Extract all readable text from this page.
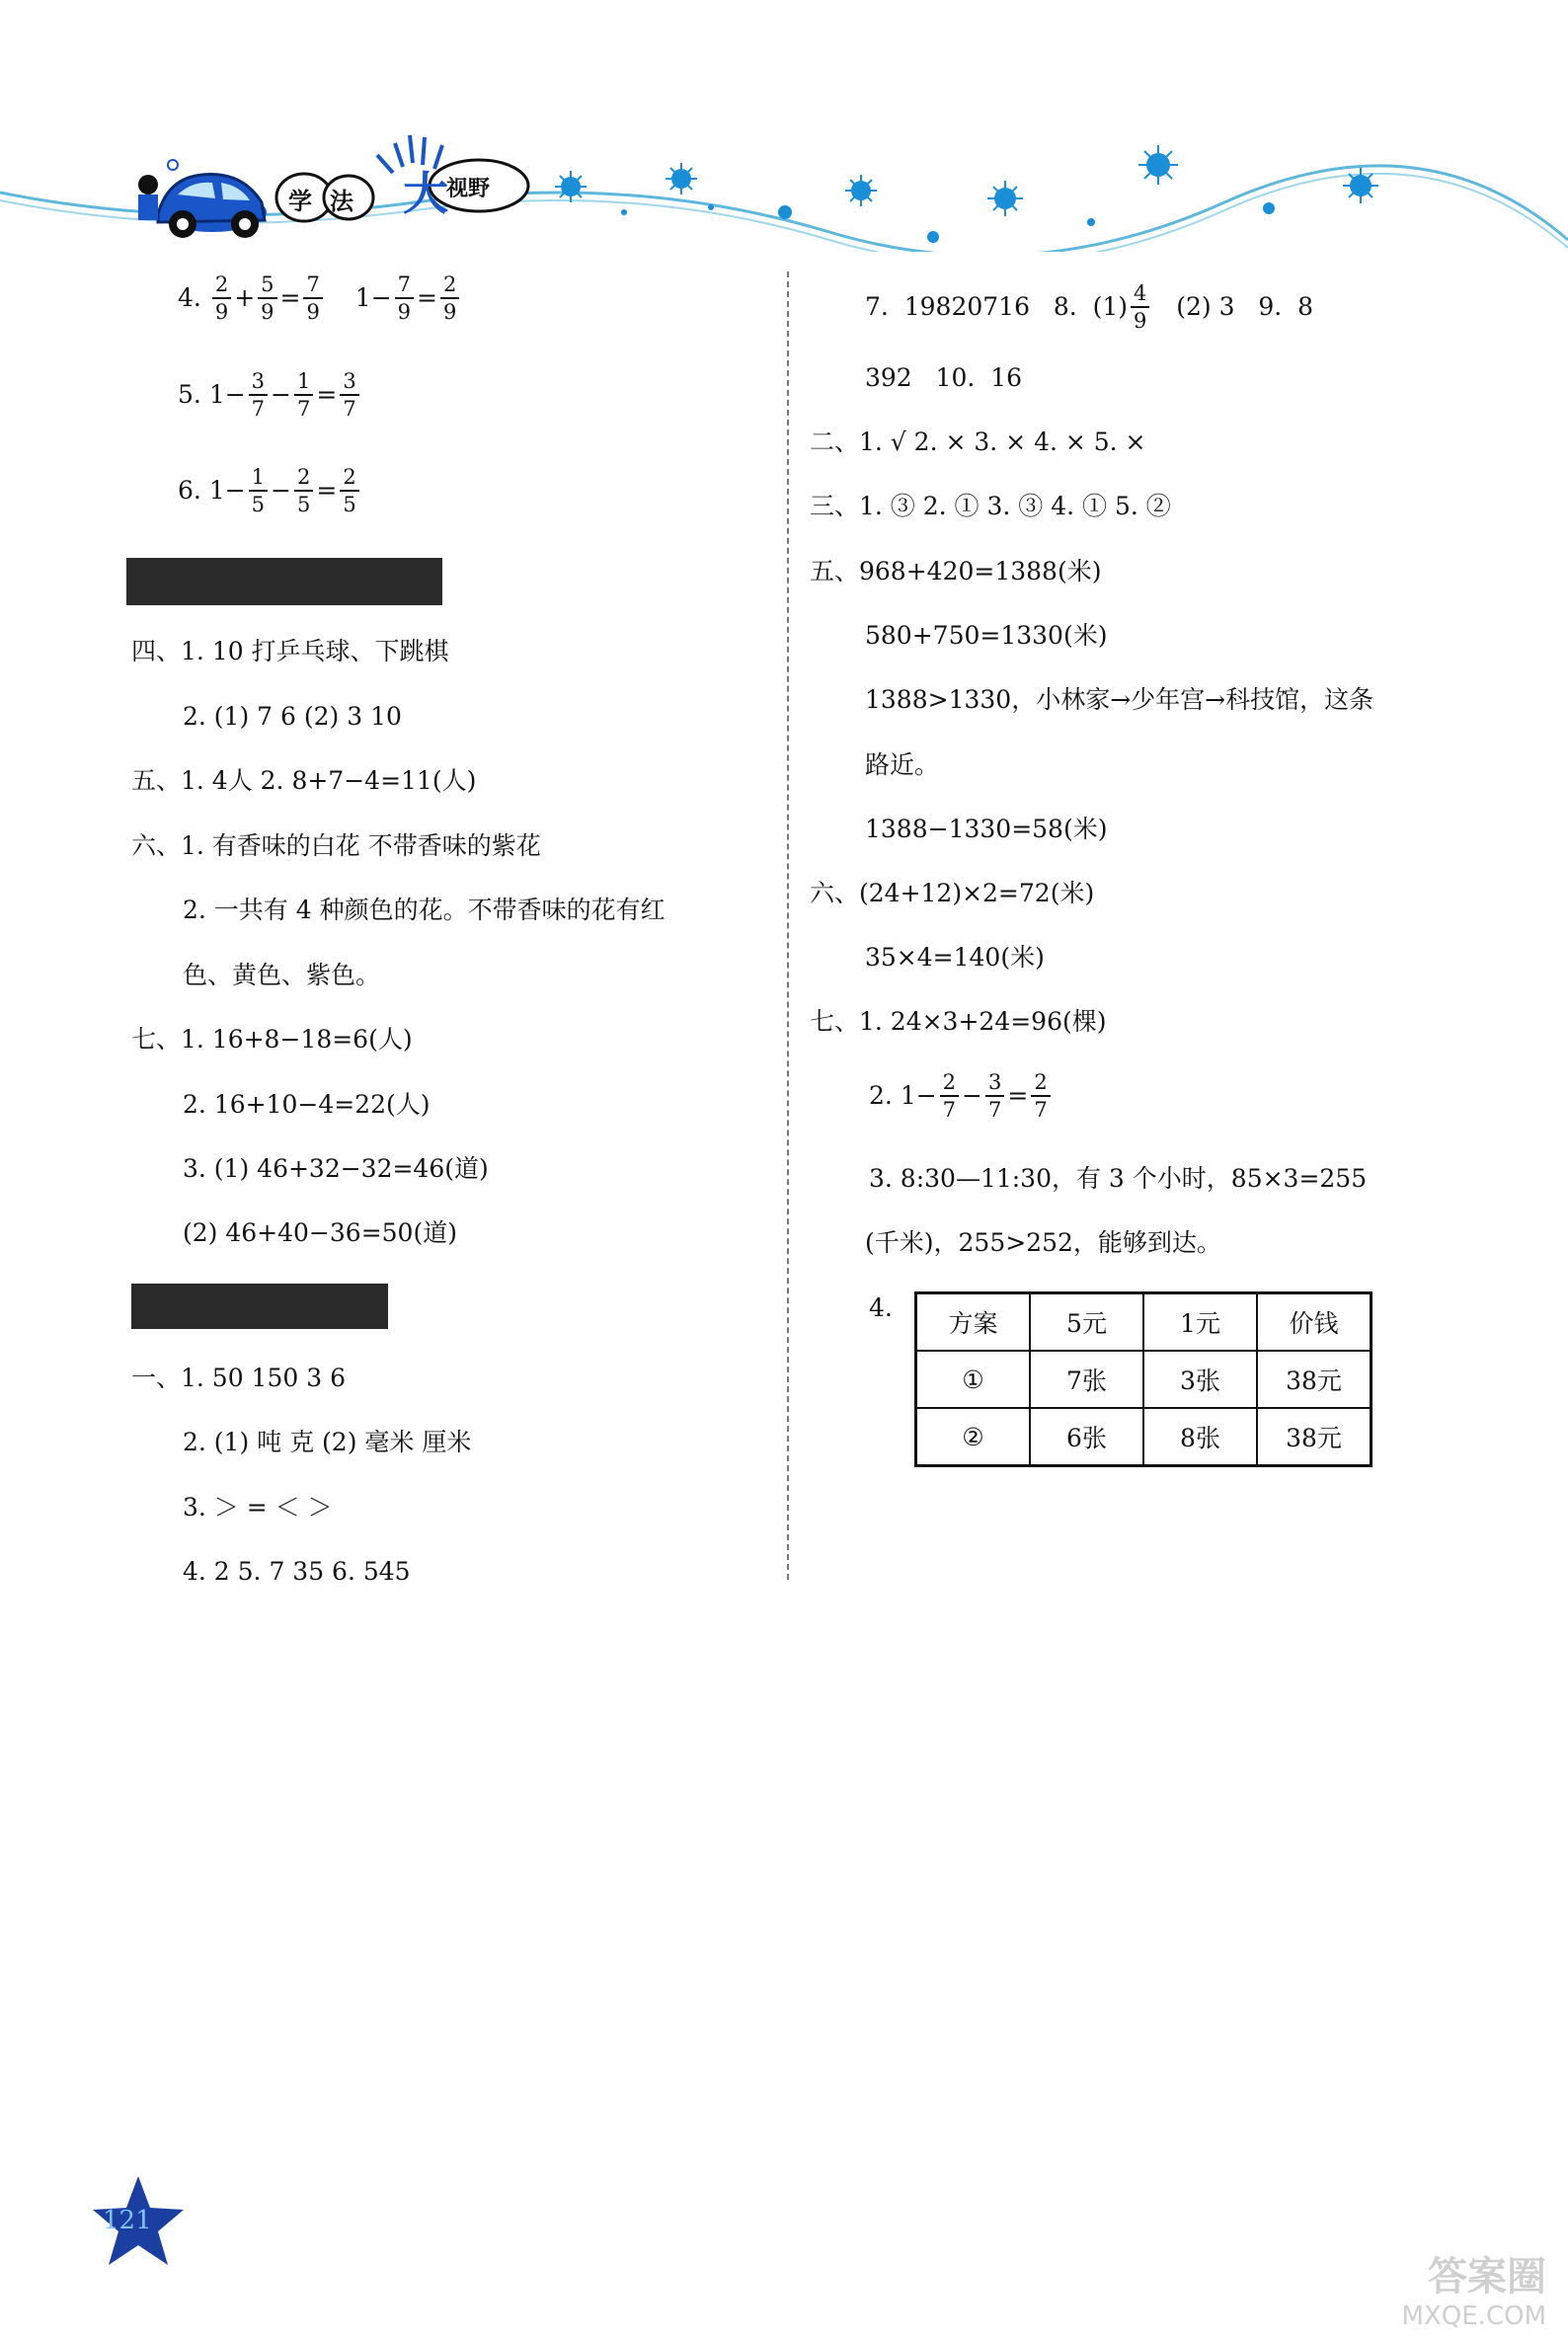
学 法 大
视野
4. $\frac{2}{9} + \frac{5}{9} = \frac{7}{9} 1- \frac{7}{9} = \frac{2}{9}$
5. $1- \frac{3}{7} - \frac{1}{7} = \frac{3}{7}$
6. $1- \frac{1}{5} - \frac{2}{5} = \frac{2}{5}$
四、1. 10 打乒乓球、下跳棋
2. (1) 7 6 (2) 3 10
五、1. 4人 2. 8+7−4=11(人)
六、1. 有香味的白花 不带香味的紫花
2. 一共有 4 种颜色的花。不带香味的花有红
色、黄色、紫色。
七、1. 16+8−18=6(人)
2. 16+10−4=22(人)
3. (1) 46+32−32=46(道)
(2) 46+40−36=50(道)
一、1. 50 150 3 6
2. (1) 吨 克 (2) 毫米 厘米
3. ＞ = ＜ ＞
4. 2 5. 7 35 6. 545
7.  19820716   8.  $(1) \frac{4}{9} (2)$ 3   9.  8
392   10.  16
二、1. √ 2. × 3. × 4. × 5. ×
三、1. ③ 2. ① 3. ③ 4. ① 5. ②
五、968+420=1388(米)
580+750=1330(米)
1388>1330，小林家→少年宫→科技馆，这条
路近。
1388−1330=58(米)
六、(24+12)×2=72(米)
35×4=140(米)
七、1. 24×3+24=96(棵)
2. $1- \frac{2}{7} - \frac{3}{7} = \frac{2}{7}$
3. 8:30—11:30，有 3 个小时，85×3=255
(千米)，255>252，能够到达。
4.
方案	5元	1元	价钱
①	7张	3张	38元
②	6张	8张	38元
121
答案圈
MXQE.COM
